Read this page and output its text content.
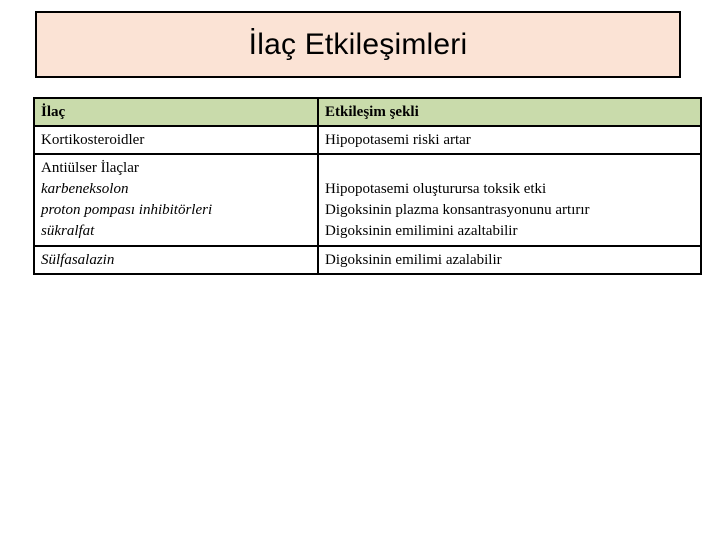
İlaç Etkileşimleri
İlaç	Etkileşim şekli

Kortikosteroidler	Hipopotasemi riski artar

Antiülser İlaçlar
karbeneksolon
proton pompası inhibitörleri
sükralfat	Hipopotasemi oluşturursa toksik etki
Digoksinin plazma konsantrasyonunu artırır
Digoksinin emilimini azaltabilir

Sülfasalazin	Digoksinin emilimi azalabilir
